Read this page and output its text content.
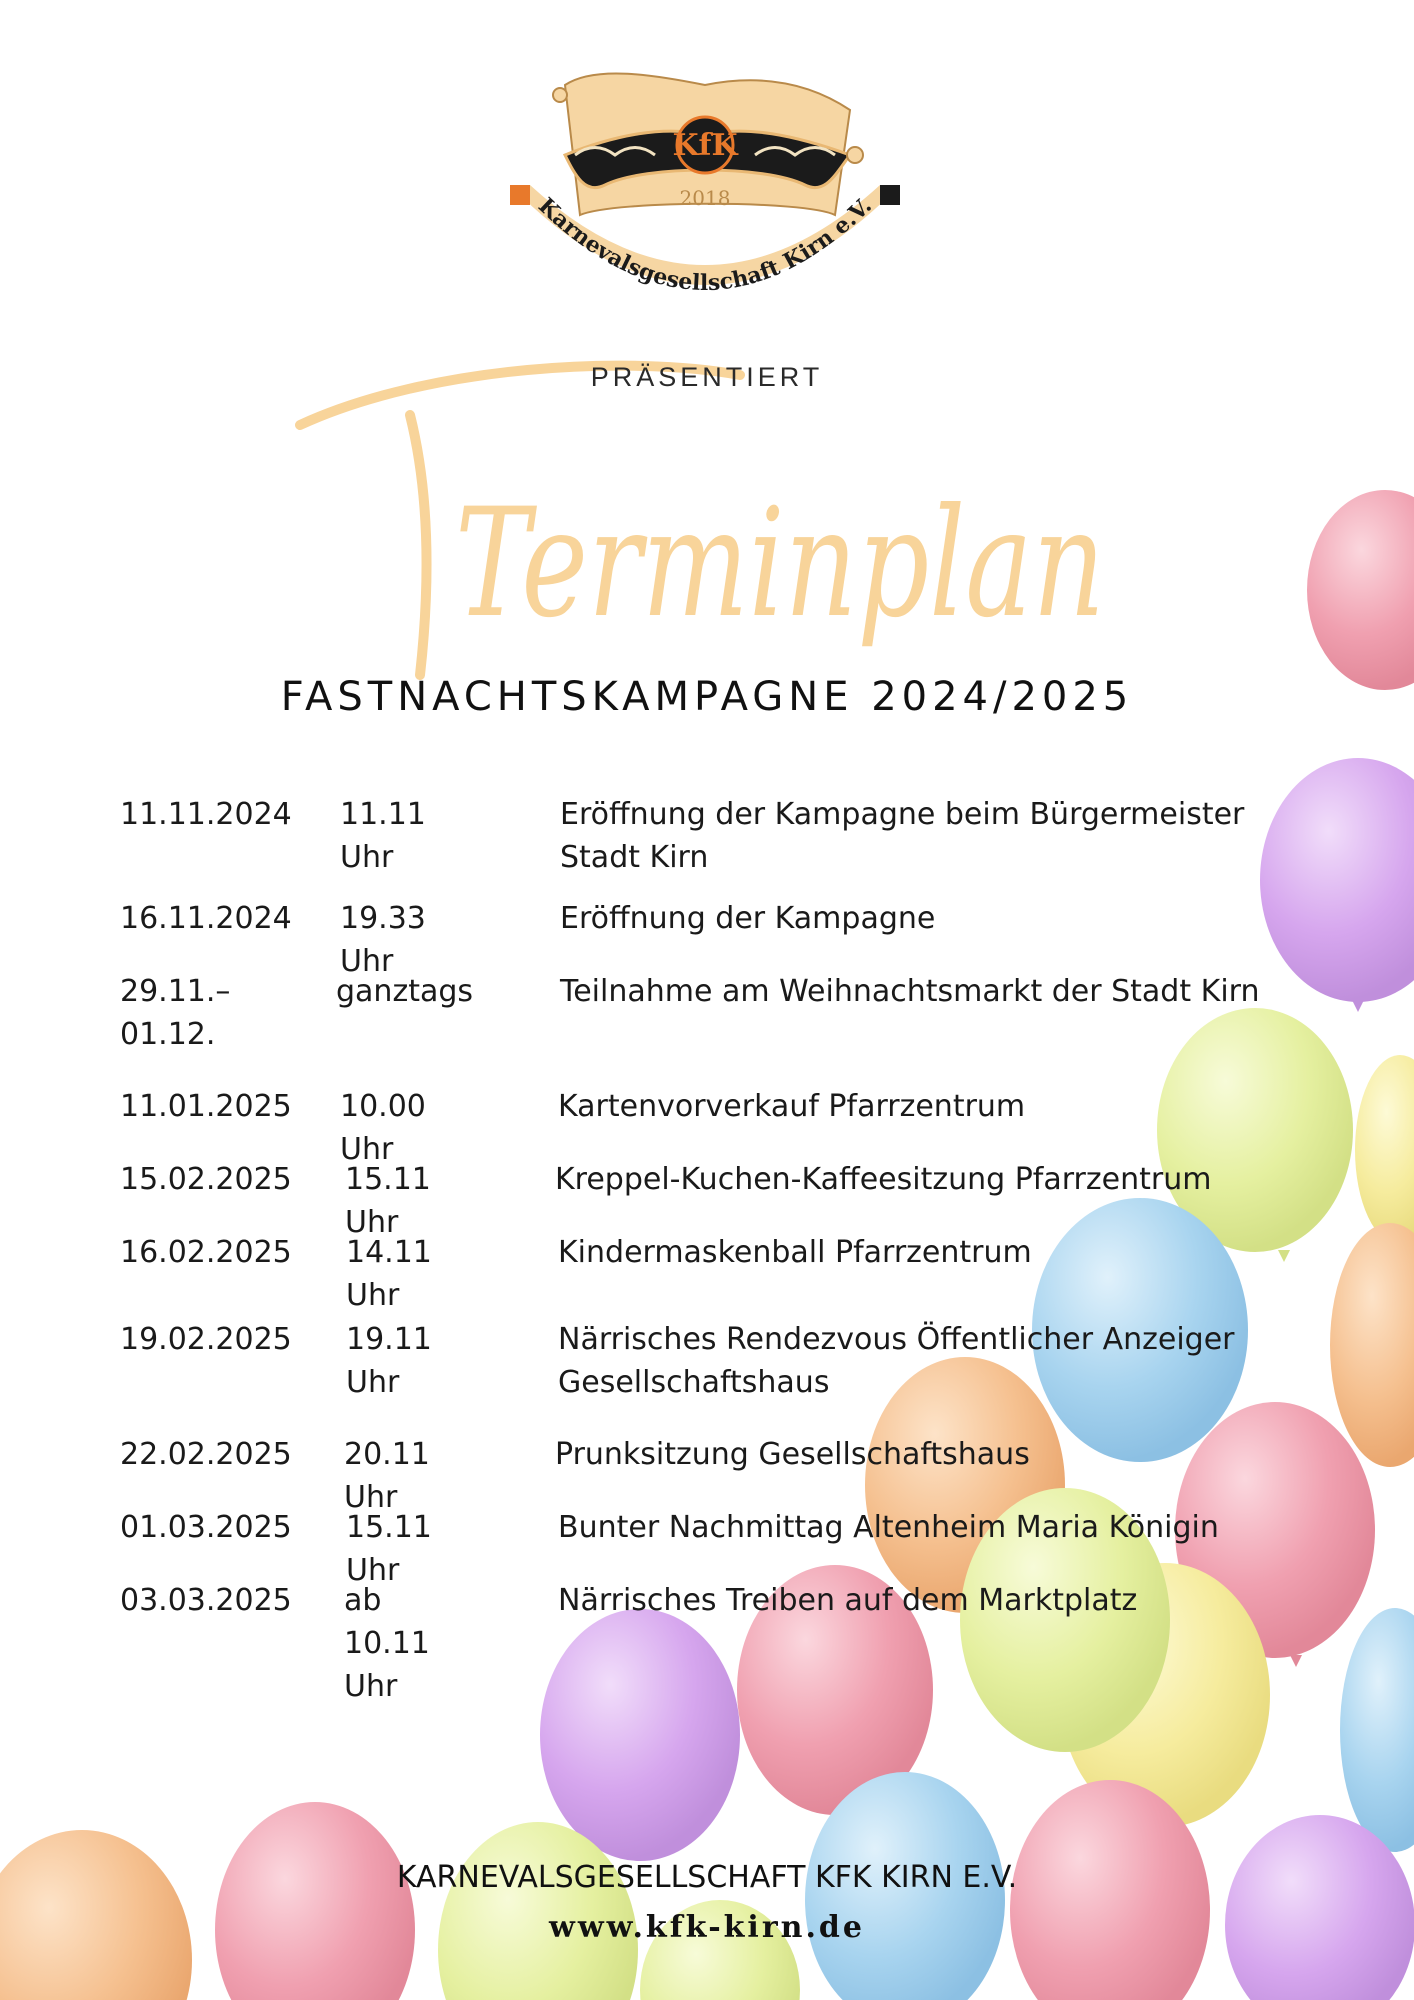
KfK
2018
Karnevalsgesellschaft Kirn e.V.
PRÄSENTIERT
Terminplan
FASTNACHTSKAMPAGNE 2024/2025
11.11.2024 11.11 Uhr
Eröffnung der Kampagne beim Bürgermeister Stadt Kirn
16.11.2024 19.33 Uhr
Eröffnung der Kampagne
29.11.– 01.12.
ganztags	Teilnahme am Weihnachtsmarkt der Stadt Kirn
11.01.2025 10.00 Uhr
Kartenvorverkauf Pfarrzentrum
15.02.2025 15.11 Uhr
Kreppel-Kuchen-Kaffeesitzung Pfarrzentrum
16.02.2025 14.11 Uhr
Kindermaskenball Pfarrzentrum
19.02.2025 19.11 Uhr
Närrisches Rendezvous Öffentlicher Anzeiger Gesellschaftshaus
22.02.2025 20.11 Uhr
Prunksitzung Gesellschaftshaus
01.03.2025 15.11 Uhr
Bunter Nachmittag Altenheim Maria Königin
03.03.2025 ab 10.11 Uhr
Närrisches Treiben auf dem Marktplatz
KARNEVALSGESELLSCHAFT KFK KIRN E.V.
www.kfk-kirn.de
